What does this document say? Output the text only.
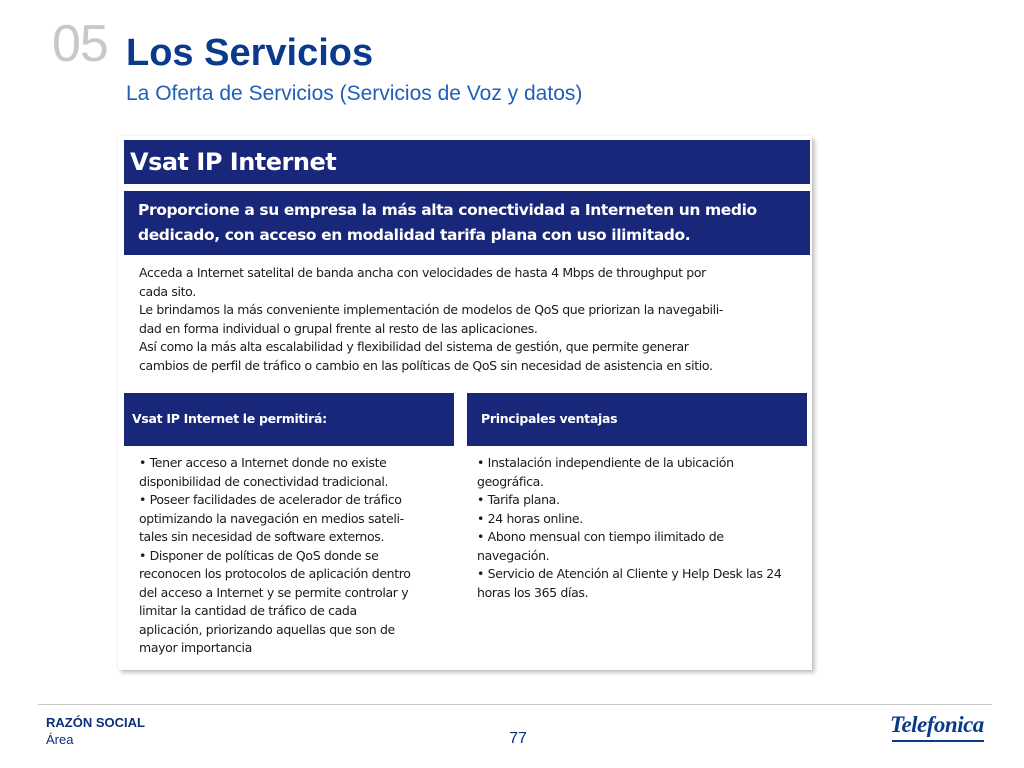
05 Los Servicios
La Oferta de Servicios (Servicios de Voz y datos)
Vsat IP Internet
Proporcione a su empresa la más alta conectividad a Interneten un medio
dedicado, con acceso en modalidad tarifa plana con uso ilimitado.
Acceda a Internet satelital de banda ancha con velocidades de hasta 4 Mbps de throughput por
cada sito.
Le brindamos la más conveniente implementación de modelos de QoS que priorizan la navegabili-
dad en forma individual o grupal frente al resto de las aplicaciones.
Así como la más alta escalabilidad y flexibilidad del sistema de gestión, que permite generar
cambios de perfil de tráfico o cambio en las políticas de QoS sin necesidad de asistencia en sitio.
Vsat IP Internet le permitirá:	Principales ventajas
• Tener acceso a Internet donde no existe
disponibilidad de conectividad tradicional.
• Poseer facilidades de acelerador de tráfico
optimizando la navegación en medios sateli-
tales sin necesidad de software externos.
• Disponer de políticas de QoS donde se
reconocen los protocolos de aplicación dentro
del acceso a Internet y se permite controlar y
limitar la cantidad de tráfico de cada
aplicación, priorizando aquellas que son de
mayor importancia
• Instalación independiente de la ubicación
geográfica.
• Tarifa plana.
• 24 horas online.
• Abono mensual con tiempo ilimitado de
navegación.
• Servicio de Atención al Cliente y Help Desk las 24
horas los 365 días.
RAZÓN SOCIAL
Área	77
Telefonica
